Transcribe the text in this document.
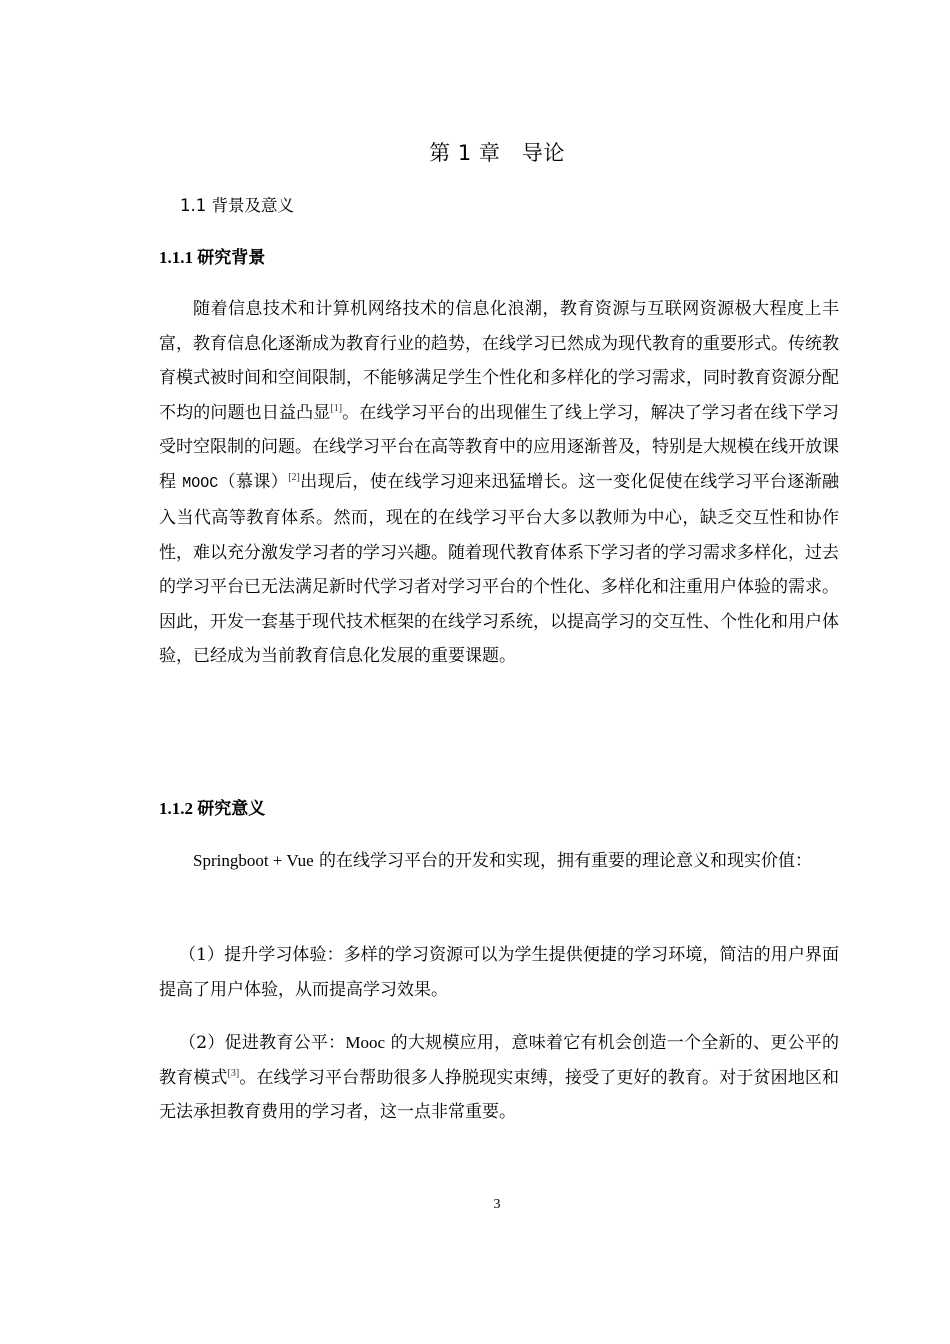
第 1 章　导论
1.1 背景及意义
1.1.1 研究背景
随着信息技术和计算机网络技术的信息化浪潮，教育资源与互联网资源极大程度上丰富，教育信息化逐渐成为教育行业的趋势，在线学习已然成为现代教育的重要形式。传统教育模式被时间和空间限制，不能够满足学生个性化和多样化的学习需求，同时教育资源分配不均的问题也日益凸显[1]。在线学习平台的出现催生了线上学习，解决了学习者在线下学习受时空限制的问题。在线学习平台在高等教育中的应用逐渐普及，特别是大规模在线开放课程 MOOC（慕课）[2]出现后，使在线学习迎来迅猛增长。这一变化促使在线学习平台逐渐融入当代高等教育体系。然而，现在的在线学习平台大多以教师为中心，缺乏交互性和协作性，难以充分激发学习者的学习兴趣。随着现代教育体系下学习者的学习需求多样化，过去的学习平台已无法满足新时代学习者对学习平台的个性化、多样化和注重用户体验的需求。因此，开发一套基于现代技术框架的在线学习系统，以提高学习的交互性、个性化和用户体验，已经成为当前教育信息化发展的重要课题。
1.1.2 研究意义
Springboot + Vue 的在线学习平台的开发和实现，拥有重要的理论意义和现实价值：
（1）提升学习体验：多样的学习资源可以为学生提供便捷的学习环境，简洁的用户界面提高了用户体验，从而提高学习效果。
（2）促进教育公平：Mooc 的大规模应用，意味着它有机会创造一个全新的、更公平的教育模式[3]。在线学习平台帮助很多人挣脱现实束缚，接受了更好的教育。对于贫困地区和无法承担教育费用的学习者，这一点非常重要。
3
